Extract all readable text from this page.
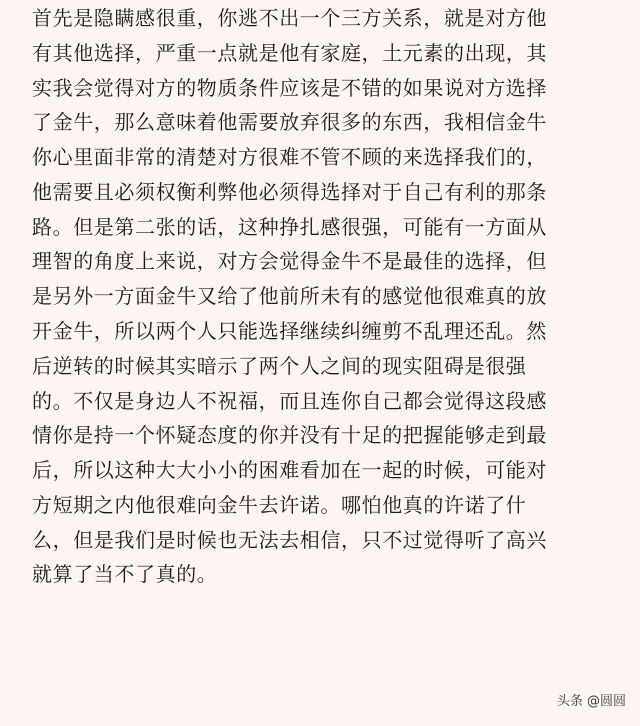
首先是隐瞒感很重，你逃不出一个三方关系，就是对方他

有其他选择，严重一点就是他有家庭，土元素的出现，其

实我会觉得对方的物质条件应该是不错的如果说对方选择

了金牛，那么意味着他需要放弃很多的东西，我相信金牛

你心里面非常的清楚对方很难不管不顾的来选择我们的，

他需要且必须权衡利弊他必须得选择对于自己有利的那条

路。但是第二张的话，这种挣扎感很强，可能有一方面从

理智的角度上来说，对方会觉得金牛不是最佳的选择，但

是另外一方面金牛又给了他前所未有的感觉他很难真的放

开金牛，所以两个人只能选择继续纠缠剪不乱理还乱。然

后逆转的时候其实暗示了两个人之间的现实阻碍是很强

的。不仅是身边人不祝福，而且连你自己都会觉得这段感

情你是持一个怀疑态度的你并没有十足的把握能够走到最

后，所以这种大大小小的困难看加在一起的时候，可能对

方短期之内他很难向金牛去许诺。哪怕他真的许诺了什

么，但是我们是时候也无法去相信，只不过觉得听了高兴

就算了当不了真的。

头条 @圆圆
